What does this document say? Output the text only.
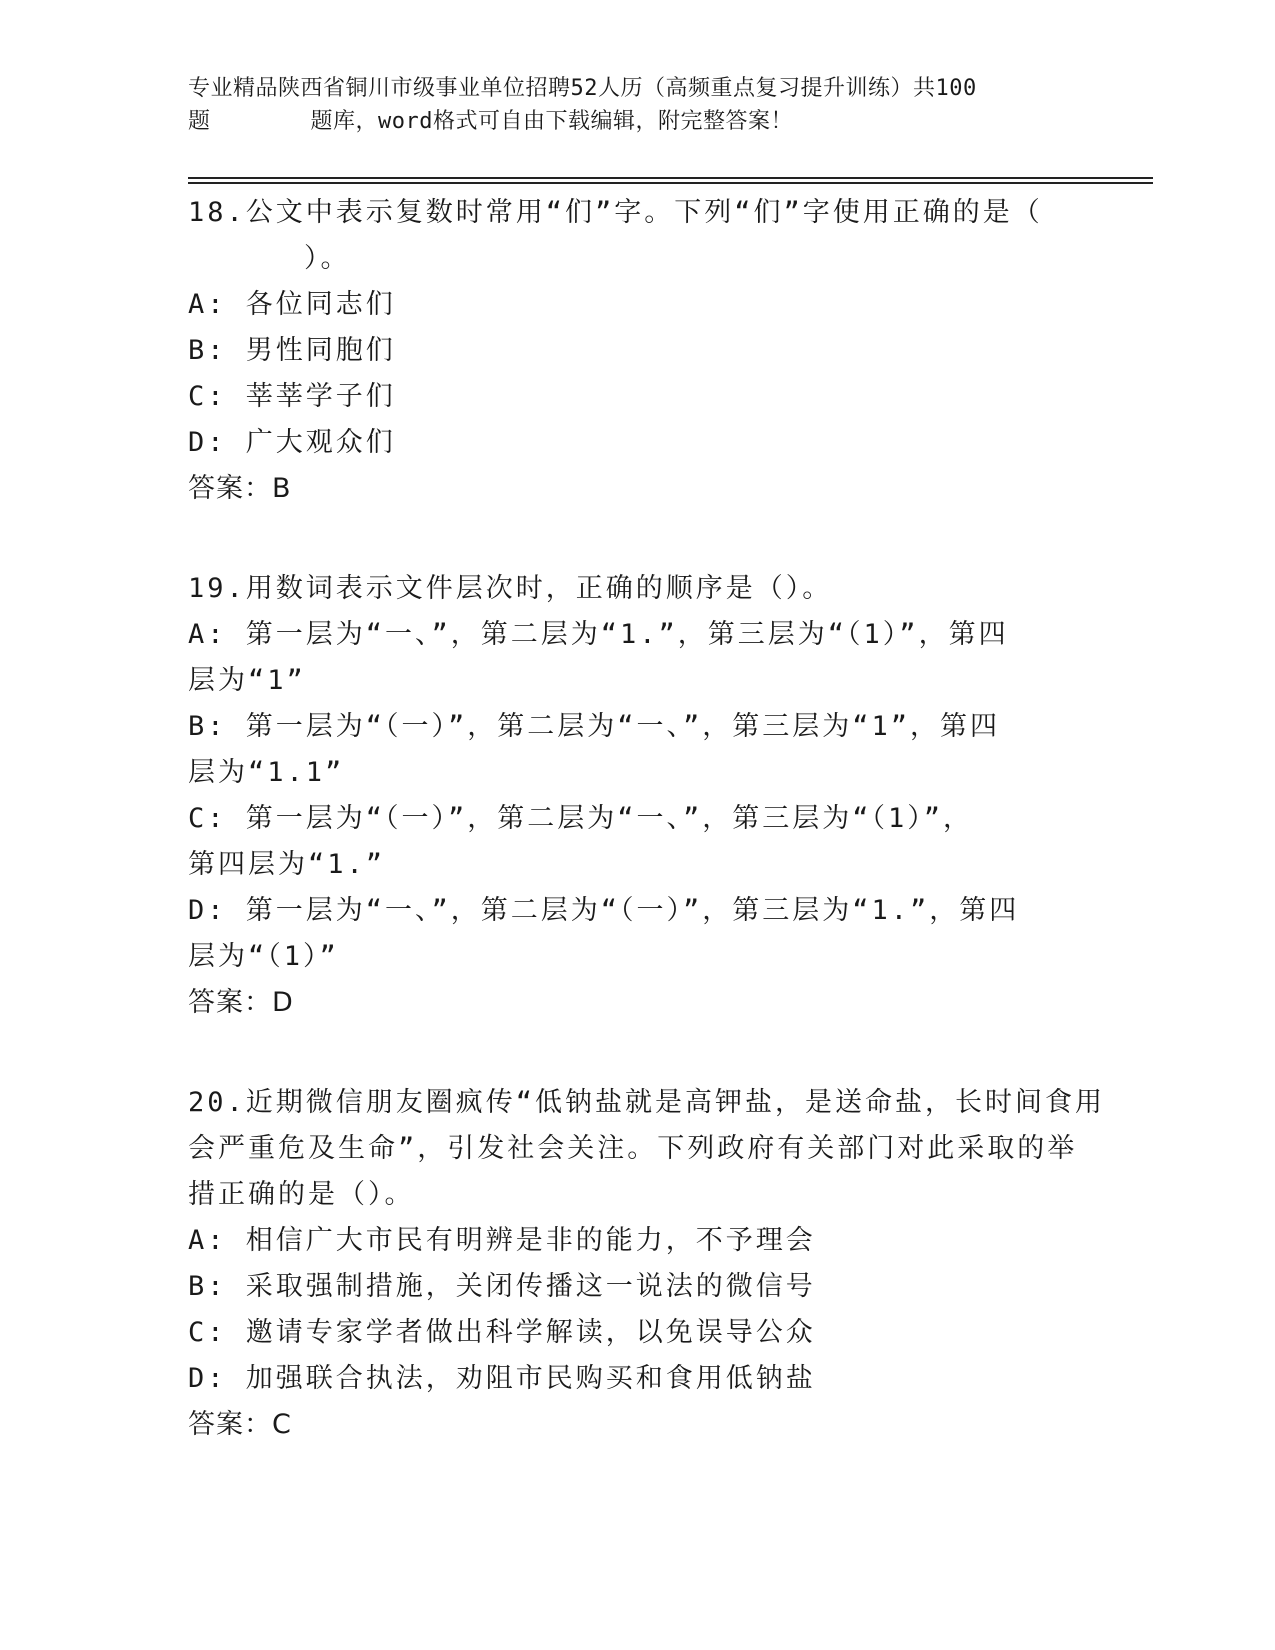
专业精品陕西省铜川市级事业单位招聘52人历（高频重点复习提升训练）共100
题	题库，word格式可自由下载编辑，附完整答案！

18.公文中表示复数时常用“们”字。下列“们”字使用正确的是（

）。

A: 各位同志们

B: 男性同胞们

C: 莘莘学子们

D: 广大观众们

答案：B

19.用数词表示文件层次时，正确的顺序是（）。

A: 第一层为“一、”，第二层为“1.”，第三层为“（1）”，第四

层为“1”

B: 第一层为“（一）”，第二层为“一、”，第三层为“1”，第四

层为“1.1”

C: 第一层为“（一）”，第二层为“一、”，第三层为“（1）”，

第四层为“1.”

D: 第一层为“一、”，第二层为“（一）”，第三层为“1.”，第四

层为“（1）”

答案：D

20.近期微信朋友圈疯传“低钠盐就是高钾盐，是送命盐，长时间食用

会严重危及生命”，引发社会关注。下列政府有关部门对此采取的举

措正确的是（）。

A: 相信广大市民有明辨是非的能力，不予理会

B: 采取强制措施，关闭传播这一说法的微信号

C: 邀请专家学者做出科学解读，以免误导公众

D: 加强联合执法，劝阻市民购买和食用低钠盐

答案：C
